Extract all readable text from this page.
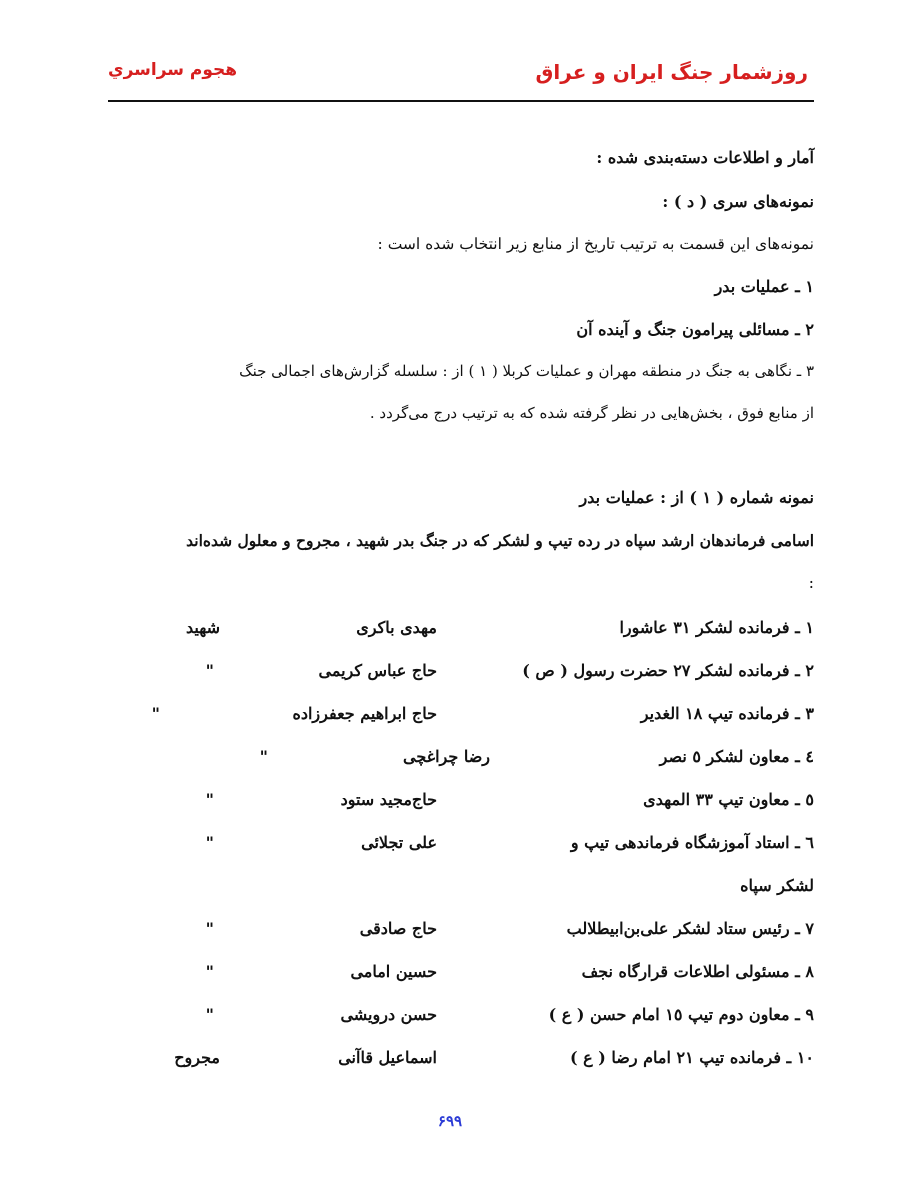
روزشمار جنگ ايران و عراق
هجوم سراسري
آمار و اطلاعات دسته‌بندی شده :
نمونه‌های سری ( د ) :
نمونه‌های این قسمت به ترتیب تاریخ از منابع زیر انتخاب شده است :
۱ ـ عملیات بدر
۲ ـ مسائلی پیرامون جنگ و آینده آن
۳ ـ نگاهی به جنگ در منطقه مهران و عملیات کربلا ( ۱ ) از : سلسله گزارش‌های اجمالی جنگ
از منابع فوق ، بخش‌هایی در نظر گرفته شده که به ترتیب درج می‌گردد .
نمونه شماره ( ۱ ) از : عملیات بدر
اسامی فرماندهان ارشد سپاه در رده تیپ و لشکر که در جنگ بدر شهید ، مجروح و معلول شده‌اند
:
۱ ـ فرمانده لشکر ۳۱ عاشورا
مهدی باکری
شهید
۲ ـ فرمانده لشکر ۲۷ حضرت رسول ( ص )
حاج عباس کریمی
"
۳ ـ فرمانده تیپ ۱۸ الغدیر
حاج ابراهیم جعفرزاده
"
٤ ـ معاون لشکر ٥ نصر
رضا چراغچی
"
٥ ـ معاون تیپ ۳۳ المهدی
حاج‌مجید ستود
"
٦ ـ استاد آموزشگاه فرماندهی تیپ و
علی تجلائی
"
لشکر سپاه
۷ ـ رئیس ستاد لشکر علی‌بن‌ابیطلالب
حاج صادقی
"
۸ ـ مسئولی اطلاعات قرارگاه نجف
حسین امامی
"
۹ ـ معاون دوم تیپ ۱٥ امام حسن ( ع )
حسن درویشی
"
۱۰ ـ فرمانده تیپ ۲۱ امام رضا ( ع )
اسماعیل قاآنی
مجروح
۶۹۹
